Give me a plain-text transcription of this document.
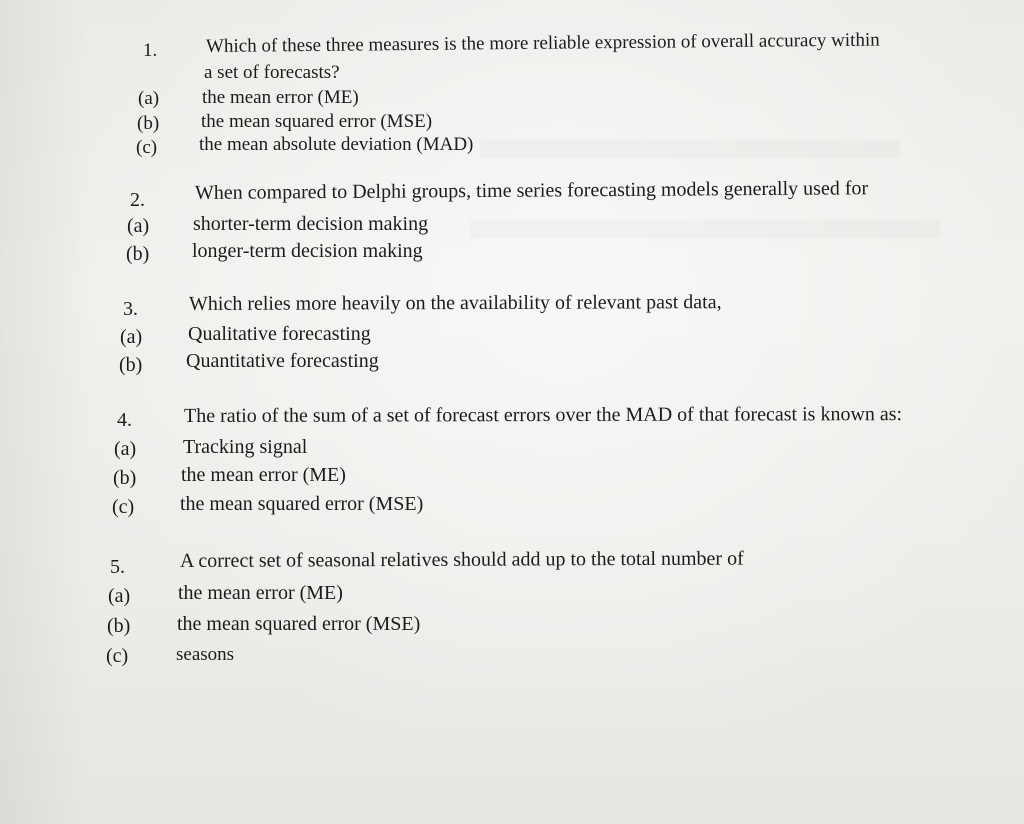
1.	Which of these three measures is the more reliable expression of overall accuracy within
a set of forecasts?
(a) the mean error (ME)
(b) the mean squared error (MSE)
(c) the mean absolute deviation (MAD)
2. When compared to Delphi groups, time series forecasting models generally used for
(a) shorter-term decision making
(b) longer-term decision making
3.	Which relies more heavily on the availability of relevant past data,
(a) Qualitative forecasting
(b) Quantitative forecasting
4.	The ratio of the sum of a set of forecast errors over the MAD of that forecast is known as:
(a) Tracking signal
(b) the mean error (ME)
(c) the mean squared error (MSE)
5.	A correct set of seasonal relatives should add up to the total number of
(a) the mean error (ME)
(b) the mean squared error (MSE)
(c)	seasons
